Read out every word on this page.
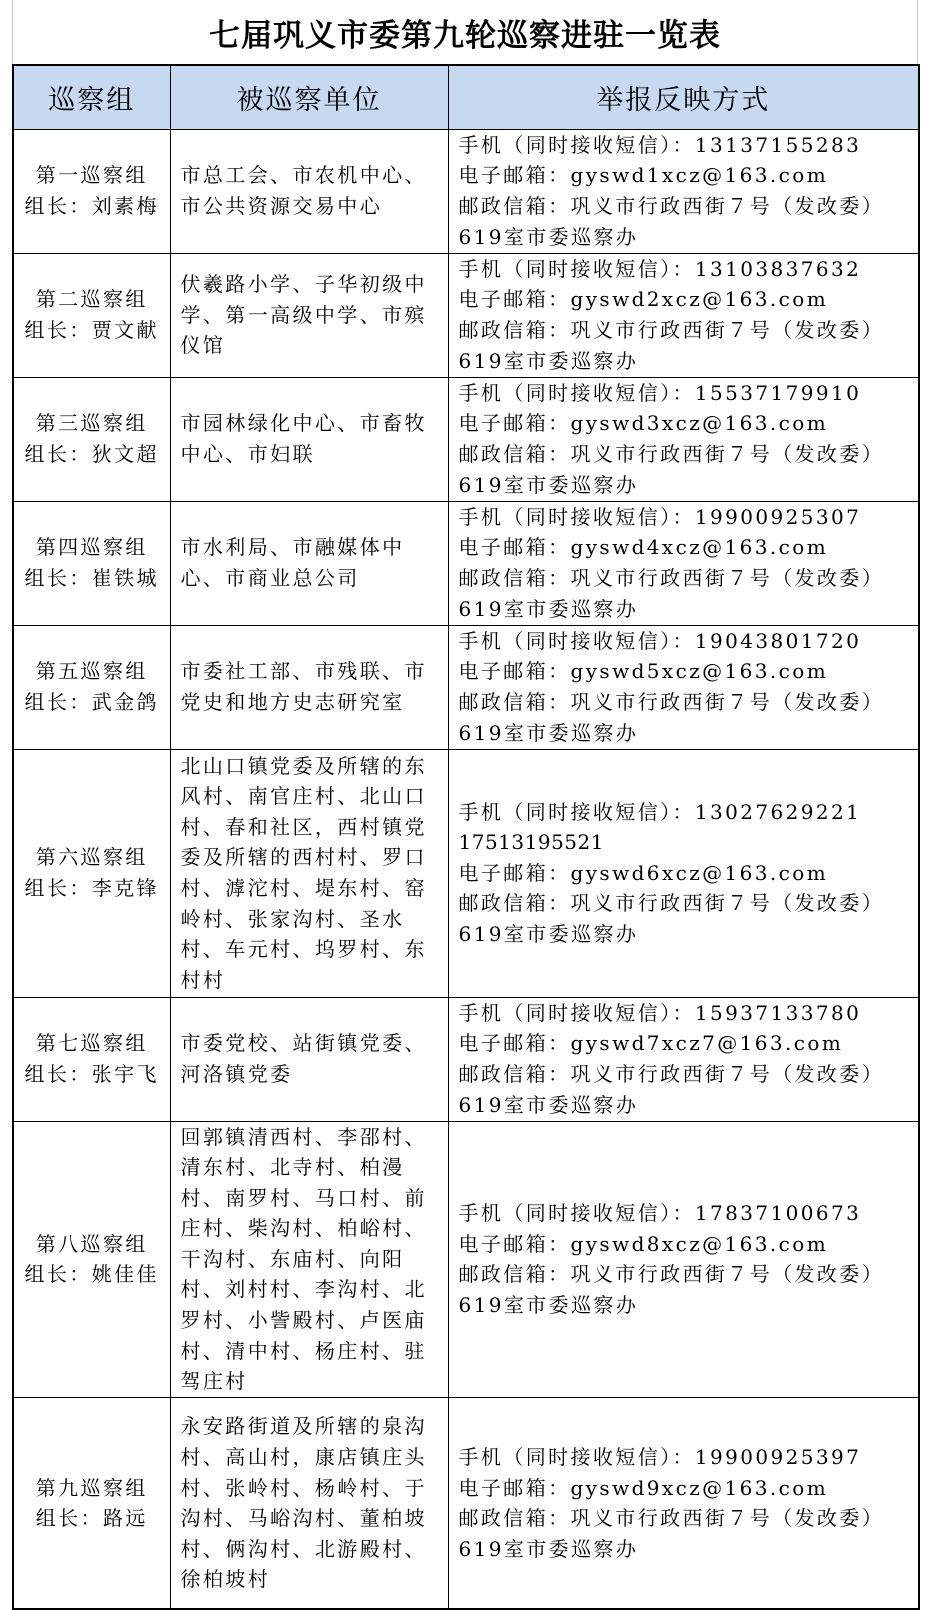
七届巩义市委第九轮巡察进驻一览表
巡察组	被巡察单位	举报反映方式

第一巡察组
组长：刘素梅	市总工会、市农机中心、市公共资源交易中心	手机（同时接收短信）：13137155283
电子邮箱：gyswd1xcz@163.com
邮政信箱：巩义市行政西街７号（发改委）
619室市委巡察办

第二巡察组
组长：贾文献	伏羲路小学、子华初级中学、第一高级中学、市殡仪馆	手机（同时接收短信）：13103837632
电子邮箱：gyswd2xcz@163.com
邮政信箱：巩义市行政西街７号（发改委）
619室市委巡察办

第三巡察组
组长：狄文超	市园林绿化中心、市畜牧中心、市妇联	手机（同时接收短信）：15537179910
电子邮箱：gyswd3xcz@163.com
邮政信箱：巩义市行政西街７号（发改委）
619室市委巡察办

第四巡察组
组长：崔铁城	市水利局、市融媒体中心、市商业总公司	手机（同时接收短信）：19900925307
电子邮箱：gyswd4xcz@163.com
邮政信箱：巩义市行政西街７号（发改委）
619室市委巡察办

第五巡察组
组长：武金鸽	市委社工部、市残联、市党史和地方史志研究室	手机（同时接收短信）：19043801720
电子邮箱：gyswd5xcz@163.com
邮政信箱：巩义市行政西街７号（发改委）
619室市委巡察办

第六巡察组
组长：李克锋	北山口镇党委及所辖的东风村、南官庄村、北山口村、春和社区，西村镇党委及所辖的西村村、罗口村、滹沱村、堤东村、窑岭村、张家沟村、圣水村、车元村、坞罗村、东村村	手机（同时接收短信）：13027629221
17513195521
电子邮箱：gyswd6xcz@163.com
邮政信箱：巩义市行政西街７号（发改委）
619室市委巡察办

第七巡察组
组长：张宇飞	市委党校、站街镇党委、河洛镇党委	手机（同时接收短信）：15937133780
电子邮箱：gyswd7xcz7@163.com
邮政信箱：巩义市行政西街７号（发改委）
619室市委巡察办

第八巡察组
组长：姚佳佳	回郭镇清西村、李邵村、清东村、北寺村、柏漫村、南罗村、马口村、前庄村、柴沟村、柏峪村、干沟村、东庙村、向阳村、刘村村、李沟村、北罗村、小訾殿村、卢医庙村、清中村、杨庄村、驻驾庄村	手机（同时接收短信）：17837100673
电子邮箱：gyswd8xcz@163.com
邮政信箱：巩义市行政西街７号（发改委）
619室市委巡察办

第九巡察组
组长：路远	永安路街道及所辖的泉沟村、高山村，康店镇庄头村、张岭村、杨岭村、于沟村、马峪沟村、董柏坡村、俩沟村、北游殿村、徐柏坡村	手机（同时接收短信）：19900925397
电子邮箱：gyswd9xcz@163.com
邮政信箱：巩义市行政西街７号（发改委）
619室市委巡察办
